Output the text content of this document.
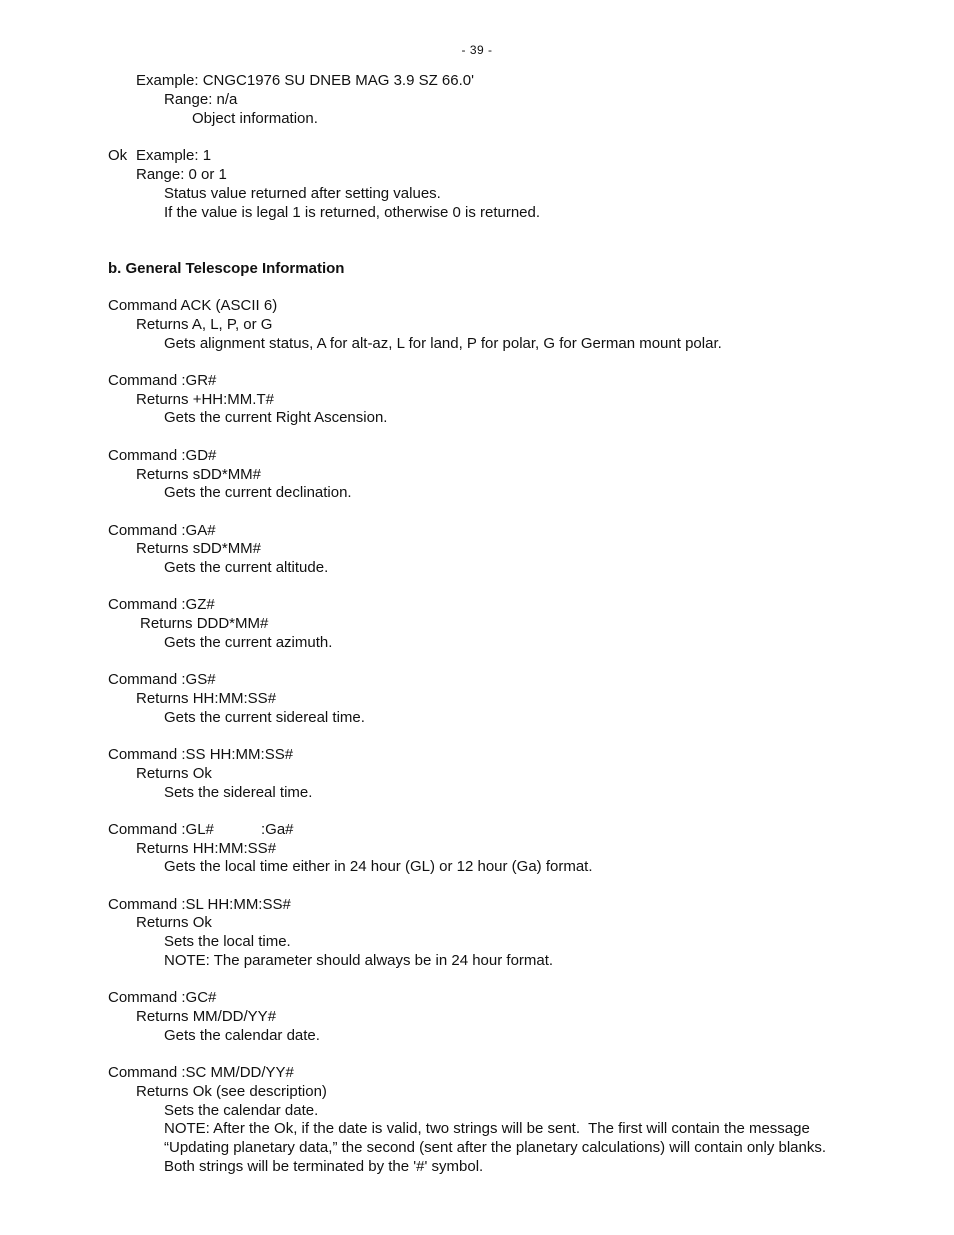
- 39 -
Example: CNGC1976 SU DNEB MAG 3.9 SZ 66.0'
Range: n/a
Object information.
Ok Example: 1
Range: 0 or 1
Status value returned after setting values.
If the value is legal 1 is returned, otherwise 0 is returned.
b. General Telescope Information
Command ACK (ASCII 6)
Returns A, L, P, or G
Gets alignment status, A for alt-az, L for land, P for polar, G for German mount polar.
Command :GR#
Returns +HH:MM.T#
Gets the current Right Ascension.
Command :GD#
Returns sDD*MM#
Gets the current declination.
Command :GA#
Returns sDD*MM#
Gets the current altitude.
Command :GZ#
Returns DDD*MM#
Gets the current azimuth.
Command :GS#
Returns HH:MM:SS#
Gets the current sidereal time.
Command :SS HH:MM:SS#
Returns Ok
Sets the sidereal time.
Command :GL#	:Ga#
Returns HH:MM:SS#
Gets the local time either in 24 hour (GL) or 12 hour (Ga) format.
Command :SL HH:MM:SS#
Returns Ok
Sets the local time.
NOTE: The parameter should always be in 24 hour format.
Command :GC#
Returns MM/DD/YY#
Gets the calendar date.
Command :SC MM/DD/YY#
Returns Ok (see description)
Sets the calendar date.
NOTE: After the Ok, if the date is valid, two strings will be sent.  The first will contain the message
“Updating planetary data,” the second (sent after the planetary calculations) will contain only blanks.
Both strings will be terminated by the '#' symbol.
